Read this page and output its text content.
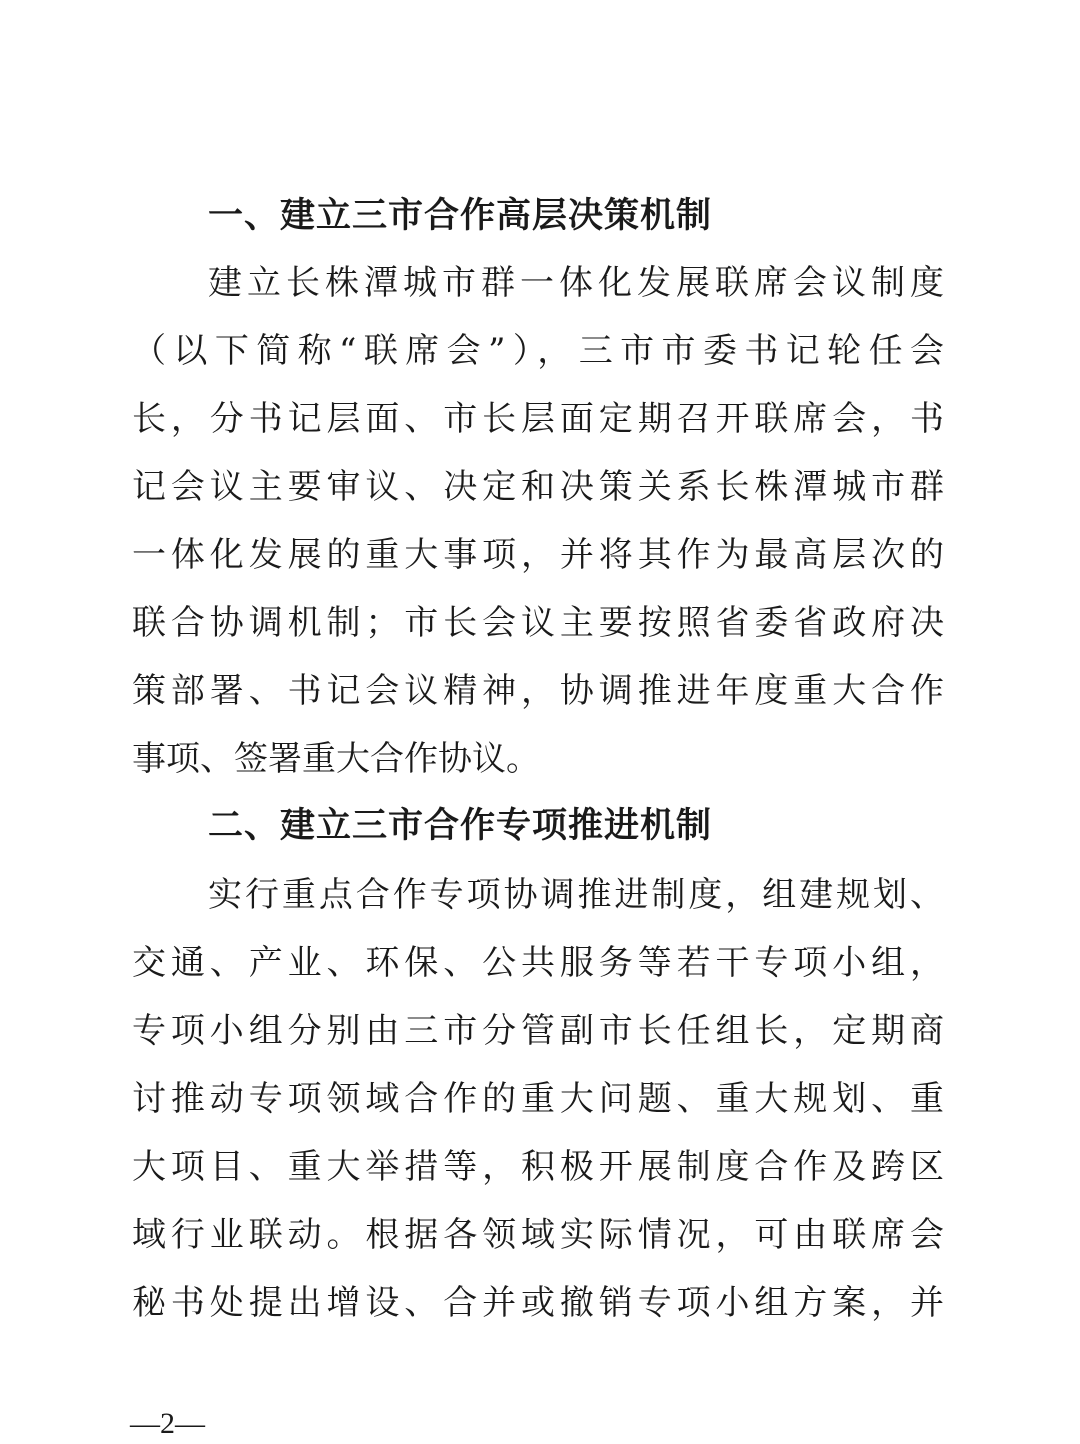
一、建立三市合作高层决策机制
建立长株潭城市群一体化发展联席会议制度
（以下简称“联席会”），三市市委书记轮任会
长，分书记层面、市长层面定期召开联席会，书
记会议主要审议、决定和决策关系长株潭城市群
一体化发展的重大事项，并将其作为最高层次的
联合协调机制；市长会议主要按照省委省政府决
策部署、书记会议精神，协调推进年度重大合作
事项、签署重大合作协议。
二、建立三市合作专项推进机制
实行重点合作专项协调推进制度，组建规划、
交通、产业、环保、公共服务等若干专项小组，
专项小组分别由三市分管副市长任组长，定期商
讨推动专项领域合作的重大问题、重大规划、重
大项目、重大举措等，积极开展制度合作及跨区
域行业联动。根据各领域实际情况，可由联席会
秘书处提出增设、合并或撤销专项小组方案，并
—2—
